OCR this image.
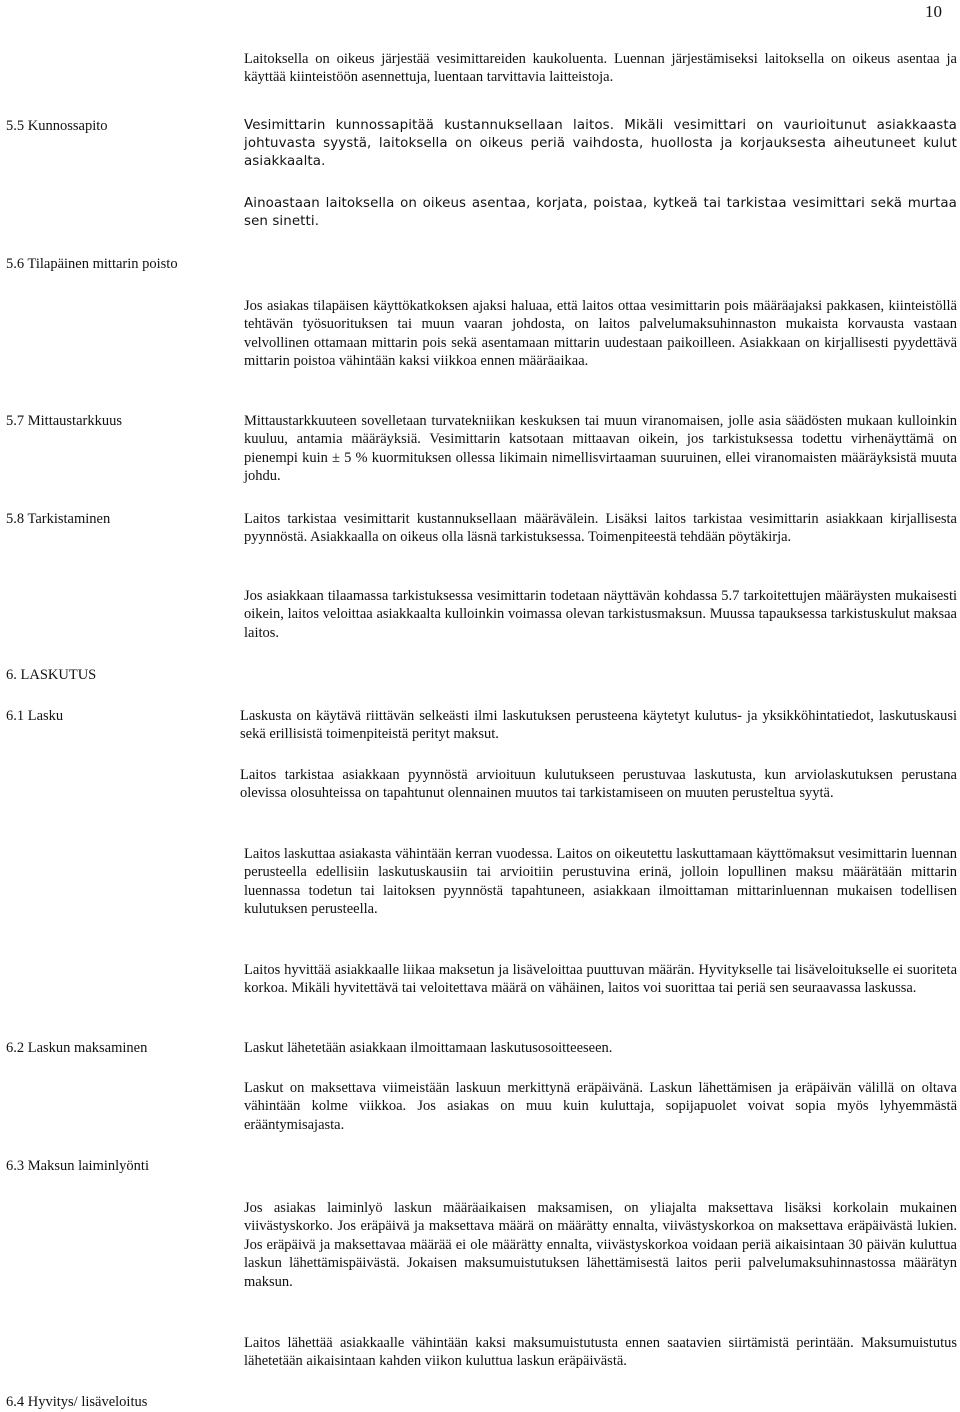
10

Laitoksella on oikeus järjestää vesimittareiden kaukoluenta. Luennan järjestämiseksi laitoksella on oikeus asentaa ja käyttää kiinteistöön asennettuja, luentaan tarvittavia laitteistoja.

5.5 Kunnossapito	Vesimittarin kunnossapitää kustannuksellaan laitos. Mikäli vesimittari on vaurioitunut asiakkaasta johtuvasta syystä, laitoksella on oikeus periä vaihdosta, huollosta ja korjauksesta aiheutuneet kulut asiakkaalta.

Ainoastaan laitoksella on oikeus asentaa, korjata, poistaa, kytkeä tai tarkistaa vesimittari sekä murtaa sen sinetti.

5.6 Tilapäinen mittarin poisto

Jos asiakas tilapäisen käyttökatkoksen ajaksi haluaa, että laitos ottaa vesimittarin pois määräajaksi pakkasen, kiinteistöllä tehtävän työsuorituksen tai muun vaaran johdosta, on laitos palvelumaksuhinnaston mukaista korvausta vastaan velvollinen ottamaan mittarin pois sekä asentamaan mittarin uudestaan paikoilleen. Asiakkaan on kirjallisesti pyydettävä mittarin poistoa vähintään kaksi viikkoa ennen määräaikaa.

5.7 Mittaustarkkuus	Mittaustarkkuuteen sovelletaan turvatekniikan keskuksen tai muun viranomaisen, jolle asia säädösten mukaan kulloinkin kuuluu, antamia määräyksiä. Vesimittarin katsotaan mittaavan oikein, jos tarkistuksessa todettu virhenäyttämä on pienempi kuin ± 5 % kuormituksen ollessa likimain nimellisvirtaaman suuruinen, ellei viranomaisten määräyksistä muuta johdu.

5.8 Tarkistaminen	Laitos tarkistaa vesimittarit kustannuksellaan määrävälein. Lisäksi laitos tarkistaa vesimittarin asiakkaan kirjallisesta pyynnöstä. Asiakkaalla on oikeus olla läsnä tarkistuksessa. Toimenpiteestä tehdään pöytäkirja.

Jos asiakkaan tilaamassa tarkistuksessa vesimittarin todetaan näyttävän kohdassa 5.7 tarkoitettujen määräysten mukaisesti oikein, laitos veloittaa asiakkaalta kulloinkin voimassa olevan tarkistusmaksun. Muussa tapauksessa tarkistuskulut maksaa laitos.

6. LASKUTUS
6.1 Lasku	Laskusta on käytävä riittävän selkeästi ilmi laskutuksen perusteena käytetyt kulutus- ja yksikköhintatiedot, laskutuskausi sekä erillisistä toimenpiteistä perityt maksut.

Laitos tarkistaa asiakkaan pyynnöstä arvioituun kulutukseen perustuvaa laskutusta, kun arviolaskutuksen perustana olevissa olosuhteissa on tapahtunut olennainen muutos tai tarkistamiseen on muuten perusteltua syytä.

Laitos laskuttaa asiakasta vähintään kerran vuodessa. Laitos on oikeutettu laskuttamaan käyttömaksut vesimittarin luennan perusteella edellisiin laskutuskausiin tai arvioitiin perustuvina erinä, jolloin lopullinen maksu määrätään mittarin luennassa todetun tai laitoksen pyynnöstä tapahtuneen, asiakkaan ilmoittaman mittarinluennan mukaisen todellisen kulutuksen perusteella.

Laitos hyvittää asiakkaalle liikaa maksetun ja lisäveloittaa puuttuvan määrän. Hyvitykselle tai lisäveloitukselle ei suoriteta korkoa. Mikäli hyvitettävä tai veloitettava määrä on vähäinen, laitos voi suorittaa tai periä sen seuraavassa laskussa.

6.2 Laskun maksaminen	Laskut lähetetään asiakkaan ilmoittamaan laskutusosoitteeseen.

Laskut on maksettava viimeistään laskuun merkittynä eräpäivänä. Laskun lähettämisen ja eräpäivän välillä on oltava vähintään kolme viikkoa. Jos asiakas on muu kuin kuluttaja, sopijapuolet voivat sopia myös lyhyemmästä erääntymisajasta.

6.3 Maksun laiminlyönti

Jos asiakas laiminlyö laskun määräaikaisen maksamisen, on yliajalta maksettava lisäksi korkolain mukainen viivästyskorko. Jos eräpäivä ja maksettava määrä on määrätty ennalta, viivästyskorkoa on maksettava eräpäivästä lukien. Jos eräpäivä ja maksettavaa määrää ei ole määrätty ennalta, viivästyskorkoa voidaan periä aikaisintaan 30 päivän kuluttua laskun lähettämispäivästä. Jokaisen maksumuistutuksen lähettämisestä laitos perii palvelumaksuhinnastossa määrätyn maksun.

Laitos lähettää asiakkaalle vähintään kaksi maksumuistutusta ennen saatavien siirtämistä perintään. Maksumuistutus lähetetään aikaisintaan kahden viikon kuluttua laskun eräpäivästä.

6.4 Hyvitys/ lisäveloitus
